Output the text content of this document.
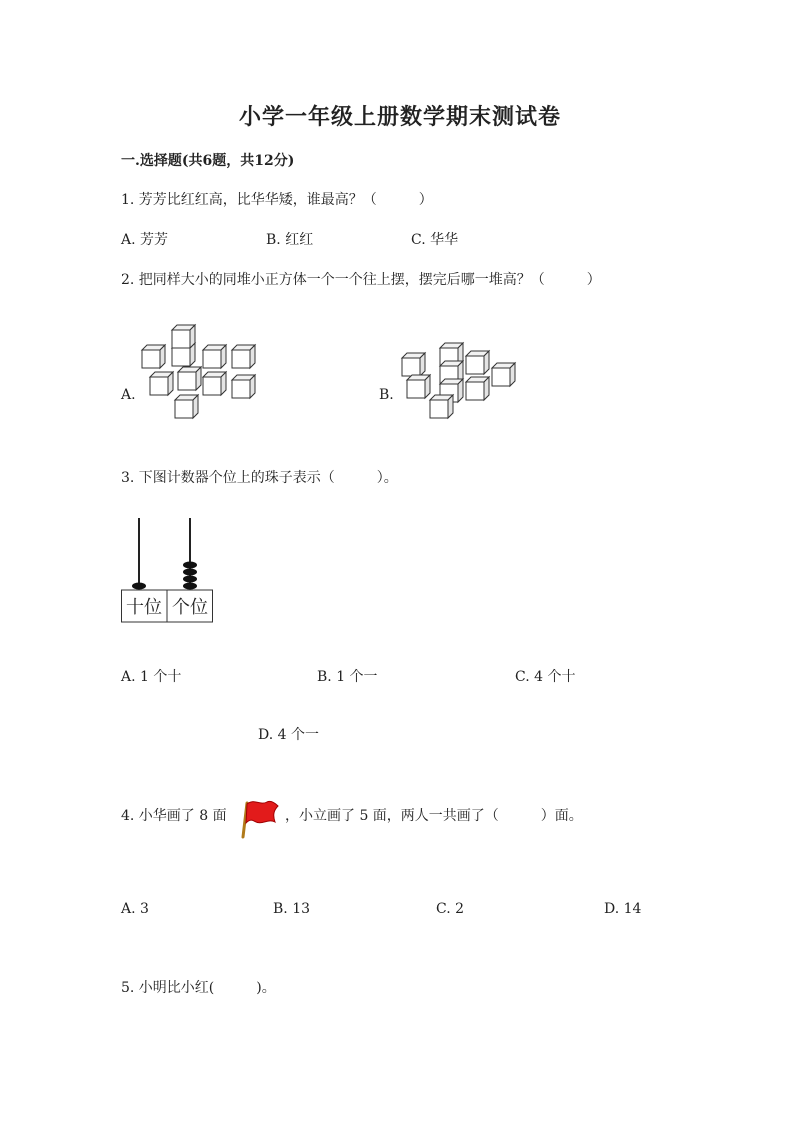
小学一年级上册数学期末测试卷
一.选择题(共6题，共12分)
1. 芳芳比红红高，比华华矮，谁最高？（　　　）
A. 芳芳	B. 红红	C. 华华
2. 把同样大小的同堆小正方体一个一个往上摆，摆完后哪一堆高？（　　　）
A.	B.
3. 下图计数器个位上的珠子表示（　　　）。
十位 个位
A. 1 个十	B. 1 个一	C. 4 个十
D. 4 个一
4. 小华画了 8 面	，小立画了 5 面，两人一共画了（　　　）面。
A. 3	B. 13	C. 2	D. 14
5. 小明比小红(　　　)。
